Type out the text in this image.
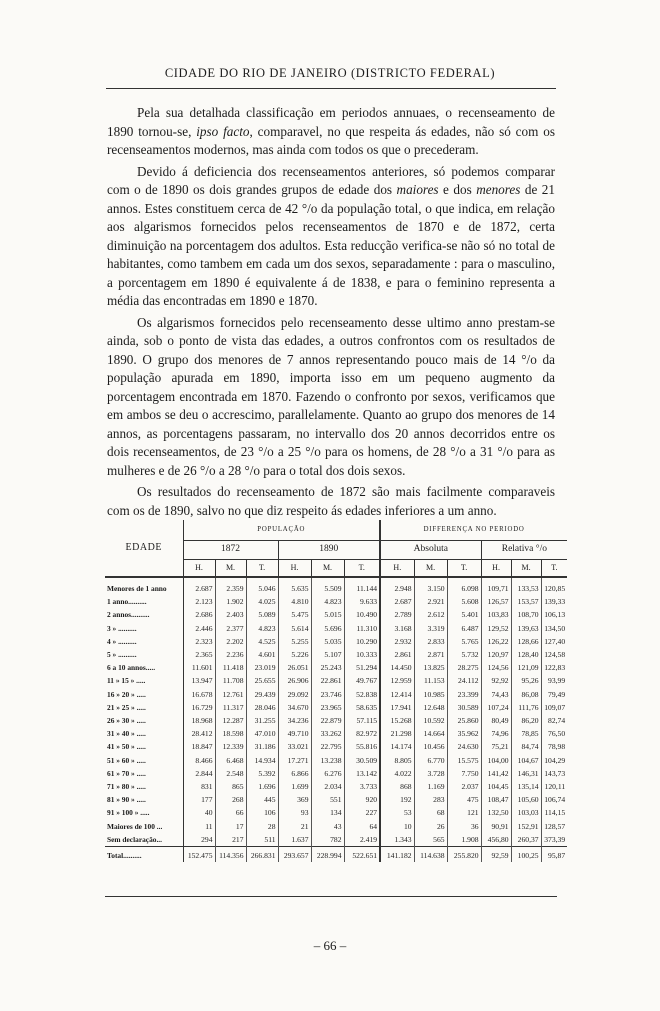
CIDADE DO RIO DE JANEIRO (DISTRICTO FEDERAL)

Pela sua detalhada classificação em periodos annuaes, o recenseamento de 1890 tornou-se, ipso facto, comparavel, no que respeita ás edades, não só com os recenseamentos modernos, mas ainda com todos os que o precederam.

Devido á deficiencia dos recenseamentos anteriores, só podemos comparar com o de 1890 os dois grandes grupos de edade dos maiores e dos menores de 21 annos. Estes constituem cerca de 42 °/o da população total, o que indica, em relação aos algarismos fornecidos pelos recenseamentos de 1870 e de 1872, certa diminuição na porcentagem dos adultos. Esta reducção verifica-se não só no total de habitantes, como tambem em cada um dos sexos, separadamente : para o masculino, a porcentagem em 1890 é equivalente á de 1838, e para o feminino representa a média das encontradas em 1890 e 1870.

Os algarismos fornecidos pelo recenseamento desse ultimo anno prestam-se ainda, sob o ponto de vista das edades, a outros confrontos com os resultados de 1890. O grupo dos menores de 7 annos representando pouco mais de 14 °/o da população apurada em 1890, importa isso em um pequeno augmento da porcentagem encontrada em 1870. Fazendo o confronto por sexos, verificamos que em ambos se deu o accrescimo, parallelamente. Quanto ao grupo dos menores de 14 annos, as porcentagens passaram, no intervallo dos 20 annos decorridos entre os dois recenseamentos, de 23 °/o a 25 °/o para os homens, de 28 °/o a 31 °/o para as mulheres e de 26 °/o a 28 °/o para o total dos dois sexos.

Os resultados do recenseamento de 1872 são mais facilmente comparaveis com os de 1890, salvo no que diz respeito ás edades inferiores a um anno.

EDADE	POPULAÇÃO						DIFFERENÇA NO PERIODO					
	1872			1890			Absoluta			Relativa °/o		
	H.	M.	T.	H.	M.	T.	H.	M.	T.	H.	M.	T.
Menores de 1 anno	2.687	2.359	5.046	5.635	5.509	11.144	2.948	3.150	6.098	109,71	133,53	120,85
1 anno..........	2.123	1.902	4.025	4.810	4.823	9.633	2.687	2.921	5.608	126,57	153,57	139,33
2 annos..........	2.686	2.403	5.089	5.475	5.015	10.490	2.789	2.612	5.401	103,83	108,70	106,13
3 » ..........	2.446	2.377	4.823	5.614	5.696	11.310	3.168	3.319	6.487	129,52	139,63	134,50
4 » ..........	2.323	2.202	4.525	5.255	5.035	10.290	2.932	2.833	5.765	126,22	128,66	127,40
5 » ..........	2.365	2.236	4.601	5.226	5.107	10.333	2.861	2.871	5.732	120,97	128,40	124,58
6 a 10 annos.....	11.601	11.418	23.019	26.051	25.243	51.294	14.450	13.825	28.275	124,56	121,09	122,83
11 » 15 » .....	13.947	11.708	25.655	26.906	22.861	49.767	12.959	11.153	24.112	92,92	95,26	93,99
16 » 20 » .....	16.678	12.761	29.439	29.092	23.746	52.838	12.414	10.985	23.399	74,43	86,08	79,49
21 » 25 » .....	16.729	11.317	28.046	34.670	23.965	58.635	17.941	12.648	30.589	107,24	111,76	109,07
26 » 30 » .....	18.968	12.287	31.255	34.236	22.879	57.115	15.268	10.592	25.860	80,49	86,20	82,74
31 » 40 » .....	28.412	18.598	47.010	49.710	33.262	82.972	21.298	14.664	35.962	74,96	78,85	76,50
41 » 50 » .....	18.847	12.339	31.186	33.021	22.795	55.816	14.174	10.456	24.630	75,21	84,74	78,98
51 » 60 » .....	8.466	6.468	14.934	17.271	13.238	30.509	8.805	6.770	15.575	104,00	104,67	104,29
61 » 70 » .....	2.844	2.548	5.392	6.866	6.276	13.142	4.022	3.728	7.750	141,42	146,31	143,73
71 » 80 » .....	831	865	1.696	1.699	2.034	3.733	868	1.169	2.037	104,45	135,14	120,11
81 » 90 » .....	177	268	445	369	551	920	192	283	475	108,47	105,60	106,74
91 » 100 » .....	40	66	106	93	134	227	53	68	121	132,50	103,03	114,15
Maiores de 100 ...	11	17	28	21	43	64	10	26	36	90,91	152,91	128,57
Sem declaração...	294	217	511	1.637	782	2.419	1.343	565	1.908	456,80	260,37	373,39
Total..........	152.475	114.356	266.831	293.657	228.994	522.651	141.182	114.638	255.820	92,59	100,25	95,87
– 66 –
